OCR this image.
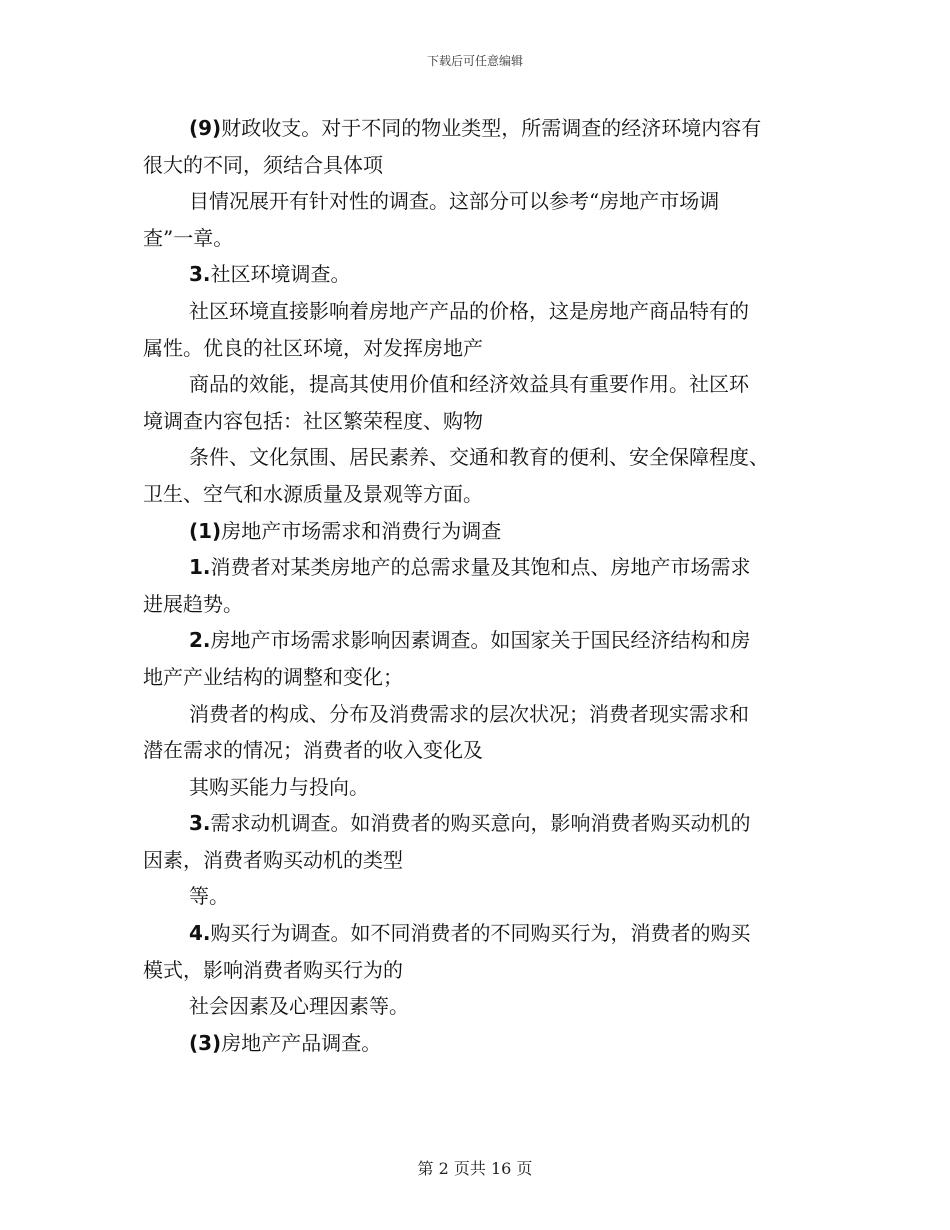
下载后可任意编辑
(9)财政收支。对于不同的物业类型，所需调查的经济环境内容有
很大的不同，须结合具体项
目情况展开有针对性的调查。这部分可以参考“房地产市场调
查”一章。
3.社区环境调查。
社区环境直接影响着房地产产品的价格，这是房地产商品特有的
属性。优良的社区环境，对发挥房地产
商品的效能，提高其使用价值和经济效益具有重要作用。社区环
境调查内容包括：社区繁荣程度、购物
条件、文化氛围、居民素养、交通和教育的便利、安全保障程度、
卫生、空气和水源质量及景观等方面。
(1)房地产市场需求和消费行为调查
1.消费者对某类房地产的总需求量及其饱和点、房地产市场需求
进展趋势。
2.房地产市场需求影响因素调查。如国家关于国民经济结构和房
地产产业结构的调整和变化；
消费者的构成、分布及消费需求的层次状况；消费者现实需求和
潜在需求的情况；消费者的收入变化及
其购买能力与投向。
3.需求动机调查。如消费者的购买意向，影响消费者购买动机的
因素，消费者购买动机的类型
等。
4.购买行为调查。如不同消费者的不同购买行为，消费者的购买
模式，影响消费者购买行为的
社会因素及心理因素等。
(3)房地产产品调查。
第 2 页共 16 页
